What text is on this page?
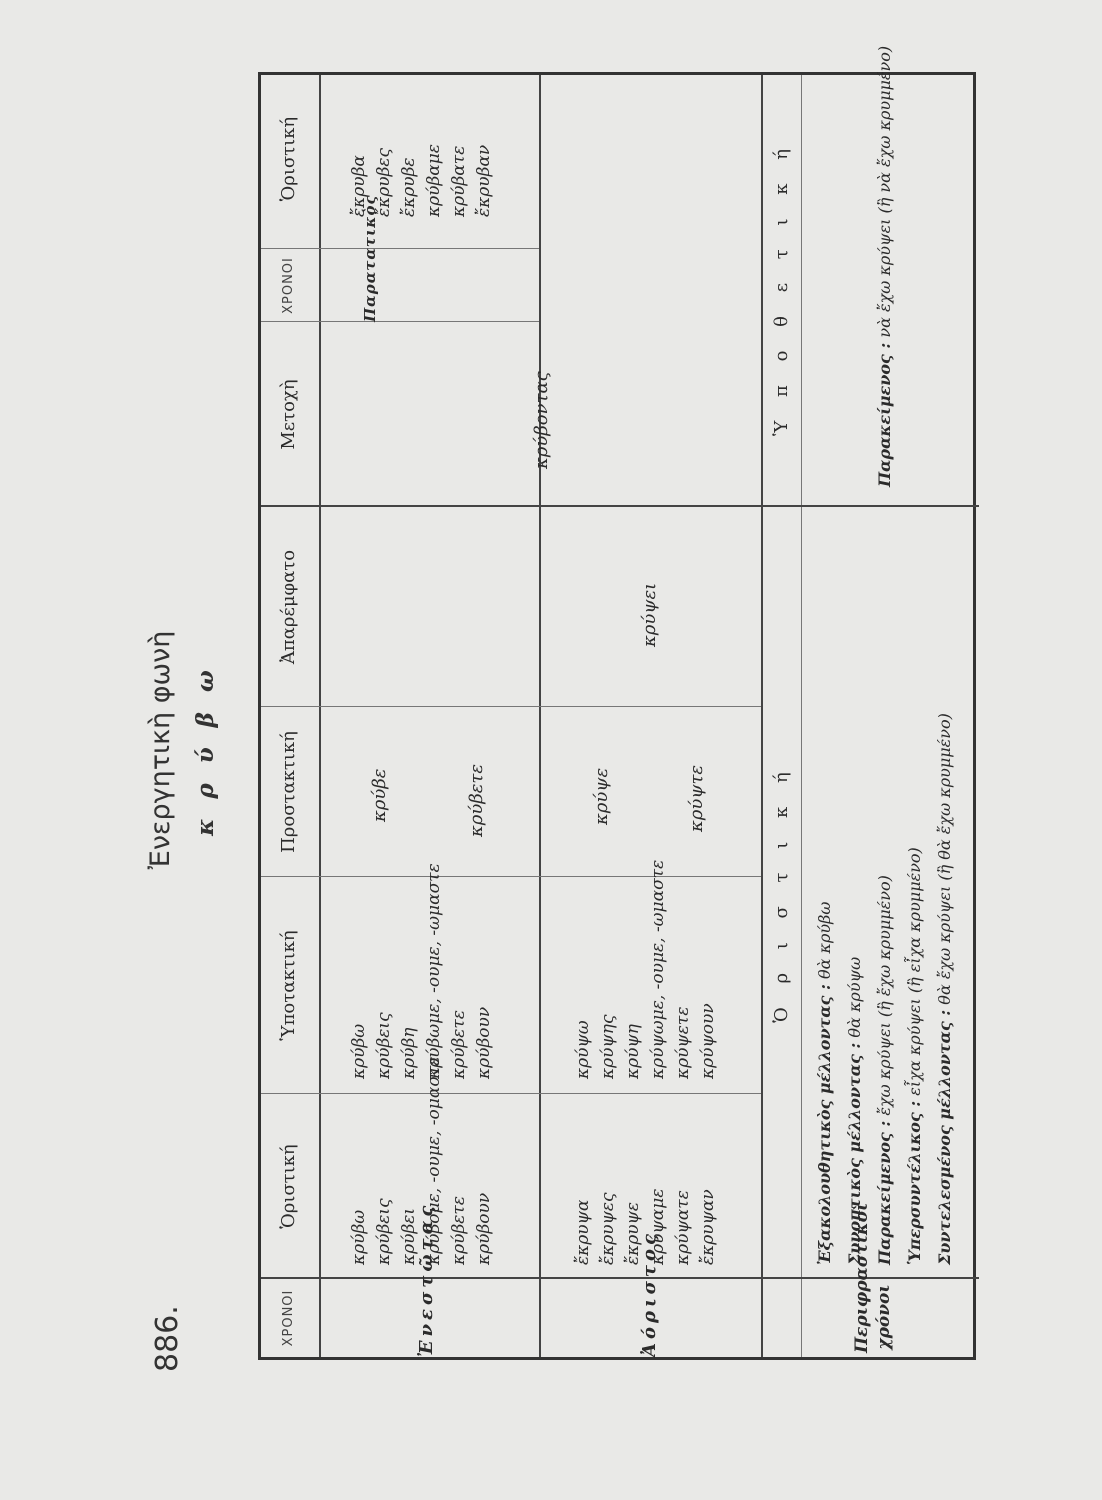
886.
Ἐνεργητικὴ φωνὴ κ ρ ύ β ω
ΧΡΟΝΟΙ
Ὁριστική
Ὑποτακτική
Προστακτική
Ἀπαρέμφατο
Μετοχὴ
ΧΡΟΝΟΙ
Ὁριστική
Ἐνεστῶτας
κρύβω κρύβεις κρύβει κρύβομε, -ουμε, -ομαστε κρύβετε κρύβουν
κρύβω κρύβεις κρύβη κρύβωμε, -ουμε, -ωμαστε κρύβετε κρύβουν
κρύβε	κρύβετε
κρύβοντας
Παρατατικὸς
ἔκρυβα ἔκρυβες ἔκρυβε κρύβαμε κρύβατε ἔκρυβαν
Ἀόριστος
ἔκρυψα ἔκρυψες ἔκρυψε κρύψαμε κρύψατε ἔκρυψαν
κρύψω κρύψης κρύψη κρύψωμε, -ουμε, -ωμαστε κρύψετε κρύψουν
κρύψε	κρύψτε
κρύψει
Ὁ ρ ι σ τ ι κ ή
Ὑ π ο θ ε τ ι κ ή
Περιφραστικοὶ χρόνοι
Ἐξακολουθητικὸς μέλλοντας : θὰ κρύβω
Συνοπτικὸς μέλλοντας : θὰ κρύψω
Παρακείμενος : ἔχω κρύψει (ἢ ἔχω κρυμμένο)
Ὑπερσυντέλικος : εἶχα κρύψει (ἢ εἶχα κρυμμένο)
Συντελεσμένος μέλλοντας : θὰ ἔχω κρύψει (ἢ θὰ ἔχω κρυμμένο)
Παρακείμενος : νὰ ἔχω κρύψει (ἢ νὰ ἔχω κρυμμένο)
